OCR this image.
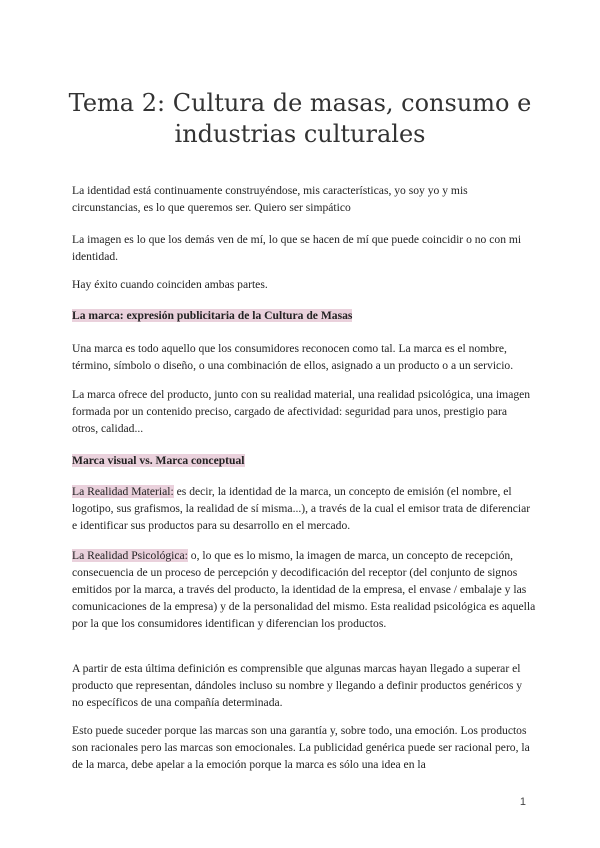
Tema 2: Cultura de masas, consumo e industrias culturales

La identidad está continuamente construyéndose, mis características, yo soy yo y mis circunstancias, es lo que queremos ser. Quiero ser simpático

La imagen es lo que los demás ven de mí, lo que se hacen de mí que puede coincidir o no con mi identidad.

Hay éxito cuando coinciden ambas partes.

La marca: expresión publicitaria de la Cultura de Masas

Una marca es todo aquello que los consumidores reconocen como tal. La marca es el nombre, término, símbolo o diseño, o una combinación de ellos, asignado a un producto o a un servicio.

La marca ofrece del producto, junto con su realidad material, una realidad psicológica, una imagen formada por un contenido preciso, cargado de afectividad: seguridad para unos, prestigio para otros, calidad...

Marca visual vs. Marca conceptual

La Realidad Material: es decir, la identidad de la marca, un concepto de emisión (el nombre, el logotipo, sus grafismos, la realidad de sí misma...), a través de la cual el emisor trata de diferenciar e identificar sus productos para su desarrollo en el mercado.

La Realidad Psicológica: o, lo que es lo mismo, la imagen de marca, un concepto de recepción, consecuencia de un proceso de percepción y decodificación del receptor (del conjunto de signos emitidos por la marca, a través del producto, la identidad de la empresa, el envase / embalaje y las comunicaciones de la empresa) y de la personalidad del mismo. Esta realidad psicológica es aquella por la que los consumidores identifican y diferencian los productos.

A partir de esta última definición es comprensible que algunas marcas hayan llegado a superar el producto que representan, dándoles incluso su nombre y llegando a definir productos genéricos y no específicos de una compañía determinada.

Esto puede suceder porque las marcas son una garantía y, sobre todo, una emoción. Los productos son racionales pero las marcas son emocionales. La publicidad genérica puede ser racional pero, la de la marca, debe apelar a la emoción porque la marca es sólo una idea en la

1
